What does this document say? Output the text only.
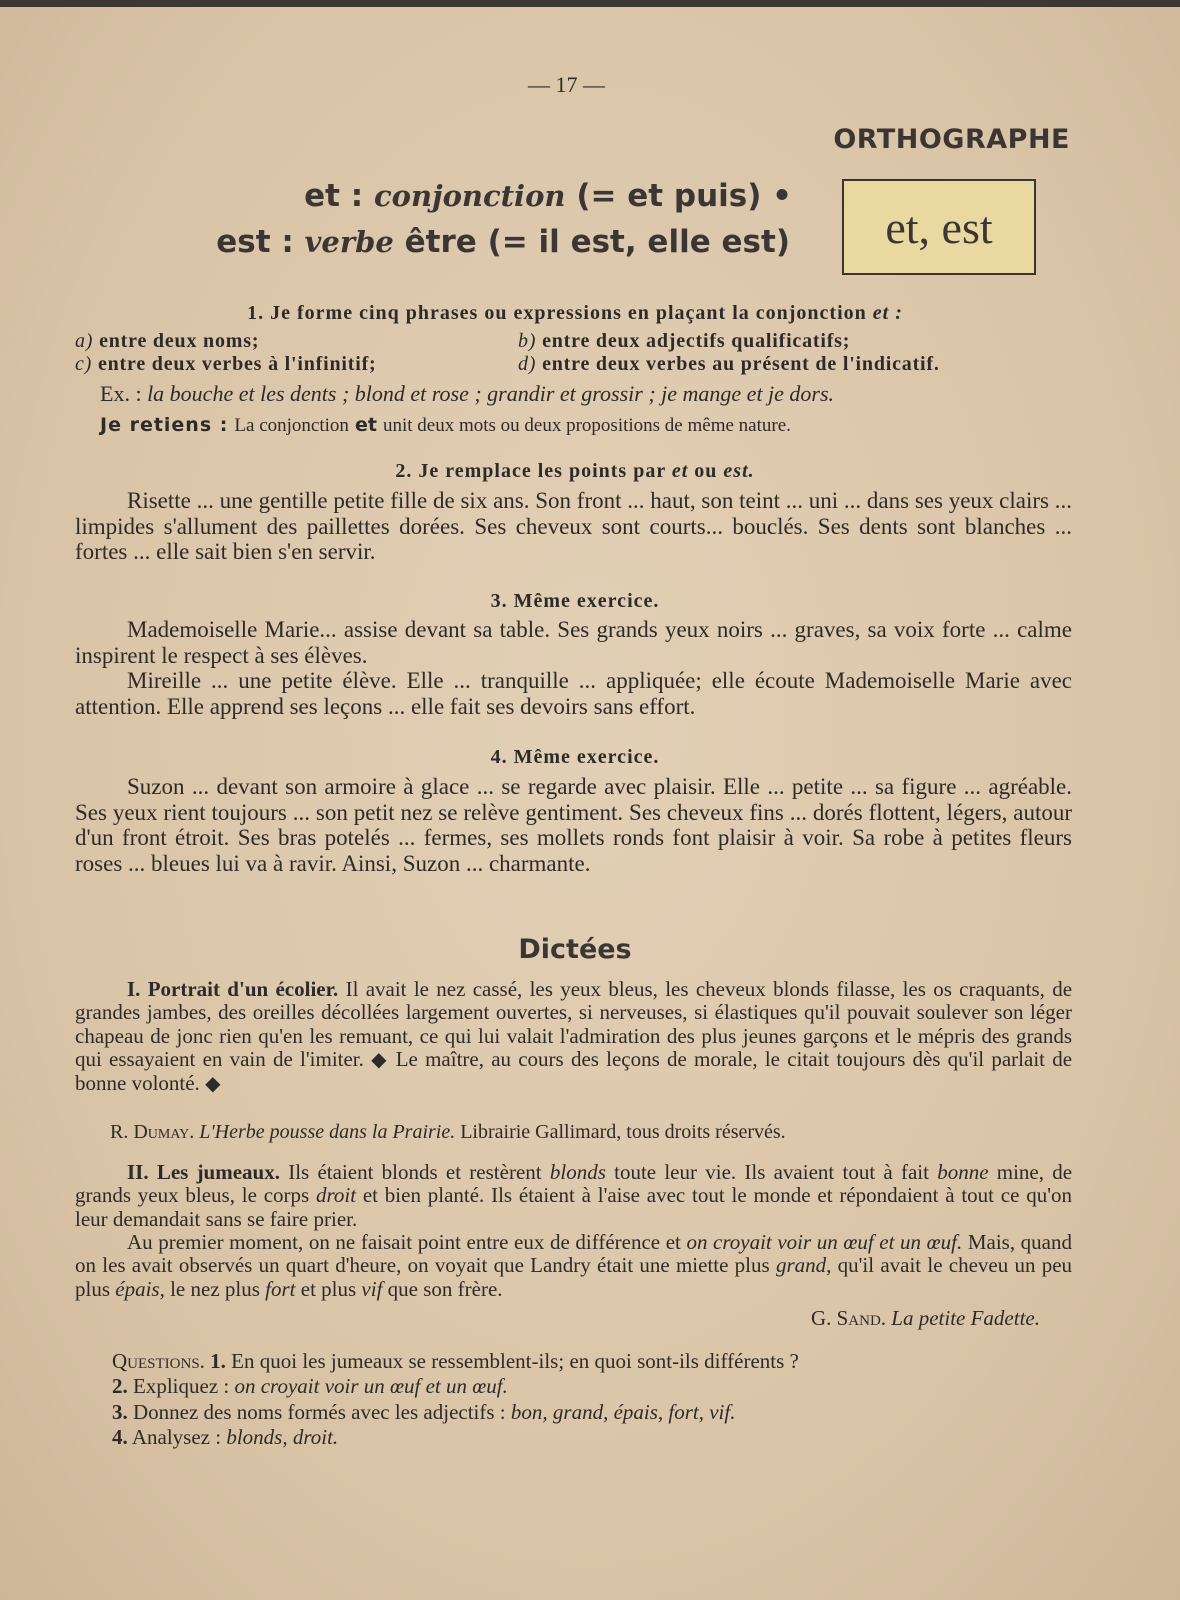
— 17 —
ORTHOGRAPHE
et : conjonction (= et puis) •
est : verbe être (= il est, elle est)	et, est
1. Je forme cinq phrases ou expressions en plaçant la conjonction et :
a) entre deux noms;	b) entre deux adjectifs qualificatifs;
c) entre deux verbes à l'infinitif;	d) entre deux verbes au présent de l'indicatif.
Ex. : la bouche et les dents ; blond et rose ; grandir et grossir ; je mange et je dors.
Je retiens : La conjonction et unit deux mots ou deux propositions de même nature.
2. Je remplace les points par et ou est.
Risette ... une gentille petite fille de six ans. Son front ... haut, son teint ... uni ... dans ses yeux clairs ... limpides s'allument des paillettes dorées. Ses cheveux sont courts... bouclés. Ses dents sont blanches ... fortes ... elle sait bien s'en servir.
3. Même exercice.
Mademoiselle Marie... assise devant sa table. Ses grands yeux noirs ... graves, sa voix forte ... calme inspirent le respect à ses élèves.
Mireille ... une petite élève. Elle ... tranquille ... appliquée; elle écoute Mademoiselle Marie avec attention. Elle apprend ses leçons ... elle fait ses devoirs sans effort.
4. Même exercice.
Suzon ... devant son armoire à glace ... se regarde avec plaisir. Elle ... petite ... sa figure ... agréable. Ses yeux rient toujours ... son petit nez se relève gentiment. Ses cheveux fins ... dorés flottent, légers, autour d'un front étroit. Ses bras potelés ... fermes, ses mollets ronds font plaisir à voir. Sa robe à petites fleurs roses ... bleues lui va à ravir. Ainsi, Suzon ... charmante.
Dictées
I. Portrait d'un écolier. Il avait le nez cassé, les yeux bleus, les cheveux blonds filasse, les os craquants, de grandes jambes, des oreilles décollées largement ouvertes, si nerveuses, si élastiques qu'il pouvait soulever son léger chapeau de jonc rien qu'en les remuant, ce qui lui valait l'admiration des plus jeunes garçons et le mépris des grands qui essayaient en vain de l'imiter. ◆ Le maître, au cours des leçons de morale, le citait toujours dès qu'il parlait de bonne volonté. ◆
R. Dumay. L'Herbe pousse dans la Prairie. Librairie Gallimard, tous droits réservés.
II. Les jumeaux. Ils étaient blonds et restèrent blonds toute leur vie. Ils avaient tout à fait bonne mine, de grands yeux bleus, le corps droit et bien planté. Ils étaient à l'aise avec tout le monde et répondaient à tout ce qu'on leur demandait sans se faire prier.
Au premier moment, on ne faisait point entre eux de différence et on croyait voir un œuf et un œuf. Mais, quand on les avait observés un quart d'heure, on voyait que Landry était une miette plus grand, qu'il avait le cheveu un peu plus épais, le nez plus fort et plus vif que son frère.
G. Sand. La petite Fadette.
Questions. 1. En quoi les jumeaux se ressemblent-ils; en quoi sont-ils différents ?
2. Expliquez : on croyait voir un œuf et un œuf.
3. Donnez des noms formés avec les adjectifs : bon, grand, épais, fort, vif.
4. Analysez : blonds, droit.
